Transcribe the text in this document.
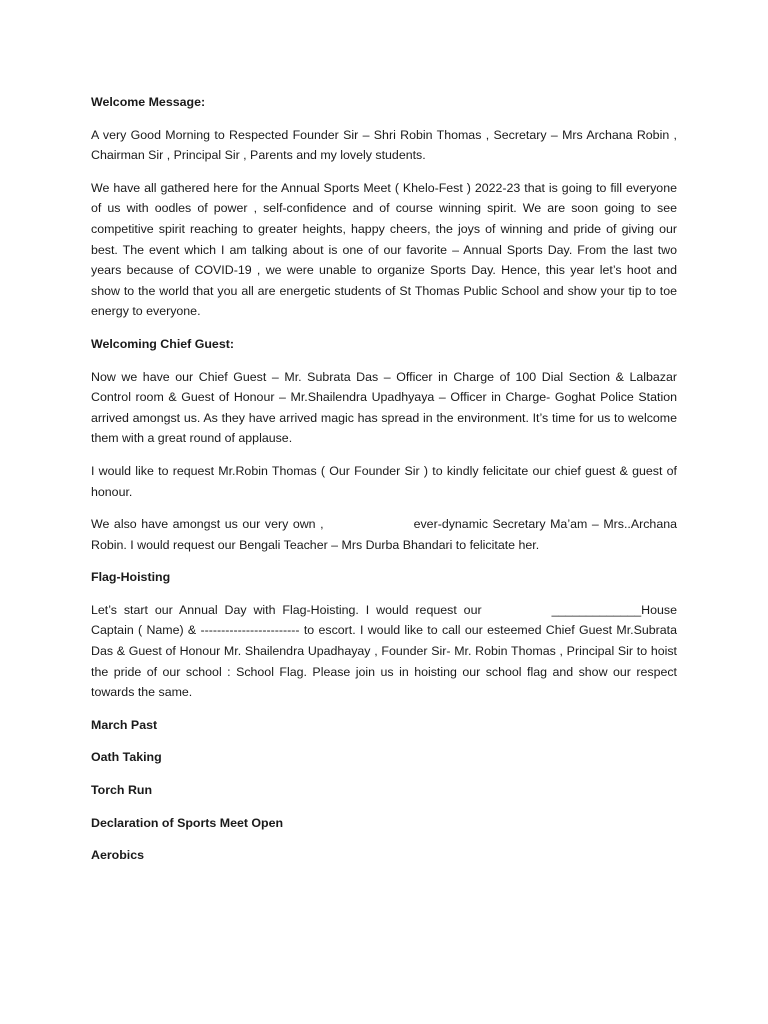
Welcome Message:

A very Good Morning to Respected Founder Sir – Shri Robin Thomas , Secretary – Mrs Archana Robin , Chairman Sir , Principal Sir , Parents and my lovely students.

We have all gathered here for the Annual Sports Meet ( Khelo-Fest ) 2022-23 that is going to fill everyone of us with oodles of power , self-confidence and of course winning spirit. We are soon going to see competitive spirit reaching to greater heights, happy cheers, the joys of winning and pride of giving our best. The event which I am talking about is one of our favorite – Annual Sports Day. From the last two years because of COVID-19 , we were unable to organize Sports Day. Hence, this year let’s hoot and show to the world that you all are energetic students of St Thomas Public School and show your tip to toe energy to everyone.

Welcoming Chief Guest:

Now we have our Chief Guest – Mr. Subrata Das – Officer in Charge of 100 Dial Section & Lalbazar Control room & Guest of Honour – Mr.Shailendra Upadhyaya – Officer in Charge- Goghat Police Station arrived amongst us. As they have arrived magic has spread in the environment. It’s time for us to welcome them with a great round of applause.

I would like to request Mr.Robin Thomas ( Our Founder Sir ) to kindly felicitate our chief guest & guest of honour.

We also have amongst us our very own ,	ever-dynamic Secretary Ma’am – Mrs..Archana Robin. I would request our Bengali Teacher – Mrs Durba Bhandari to felicitate her.

Flag-Hoisting

Let’s start our Annual Day with Flag-Hoisting. I would request our	_____________House Captain ( Name) & ------------------------ to escort. I would like to call our esteemed Chief Guest Mr.Subrata Das & Guest of Honour Mr. Shailendra Upadhayay , Founder Sir- Mr. Robin Thomas , Principal Sir to hoist the pride of our school : School Flag. Please join us in hoisting our school flag and show our respect towards the same.

March Past

Oath Taking

Torch Run

Declaration of Sports Meet Open

Aerobics
